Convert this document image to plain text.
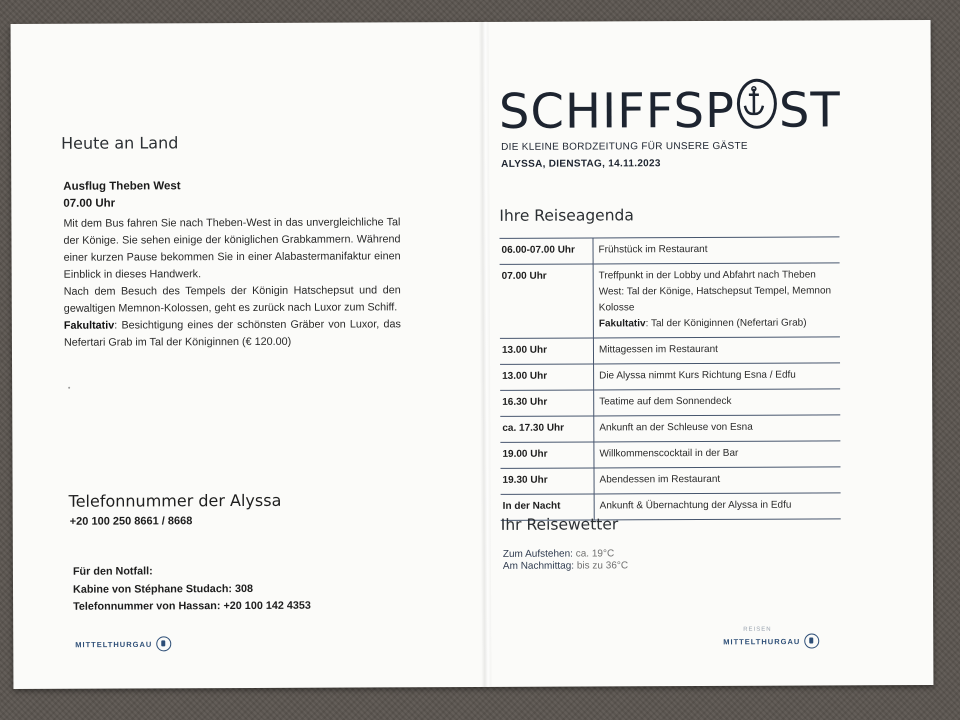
Heute an Land
Ausflug Theben West
07.00 Uhr

Mit dem Bus fahren Sie nach Theben-West in das unvergleichliche Tal der Könige. Sie sehen einige der königlichen Grabkammern. Während einer kurzen Pause bekommen Sie in einer Alabastermanifaktur einen Einblick in dieses Handwerk.

Nach dem Besuch des Tempels der Königin Hatschepsut und den gewaltigen Memnon-Kolossen, geht es zurück nach Luxor zum Schiff.

Fakultativ: Besichtigung eines der schönsten Gräber von Luxor, das Nefertari Grab im Tal der Königinnen (€ 120.00)

Telefonnummer der Alyssa
+20 100 250 8661 / 8668
Für den Notfall:
Kabine von Stéphane Studach: 308
Telefonnummer von Hassan: +20 100 142 4353
MITTELTHURGAU
SCHIFFSP ST
DIE KLEINE BORDZEITUNG FÜR UNSERE GÄSTE
ALYSSA, DIENSTAG, 14.11.2023
Ihre Reiseagenda
06.00-07.00 Uhr	Frühstück im Restaurant
07.00 Uhr	Treffpunkt in der Lobby und Abfahrt nach Theben West: Tal der Könige, Hatschepsut Tempel, Memnon Kolosse
Fakultativ: Tal der Königinnen (Nefertari Grab)
13.00 Uhr	Mittagessen im Restaurant
13.00 Uhr	Die Alyssa nimmt Kurs Richtung Esna / Edfu
16.30 Uhr	Teatime auf dem Sonnendeck
ca. 17.30 Uhr	Ankunft an der Schleuse von Esna
19.00 Uhr	Willkommenscocktail in der Bar
19.30 Uhr	Abendessen im Restaurant
In der Nacht	Ankunft & Übernachtung der Alyssa in Edfu
Ihr Reisewetter
Zum Aufstehen: ca. 19°C
Am Nachmittag: bis zu 36°C
REISEN
MITTELTHURGAU
